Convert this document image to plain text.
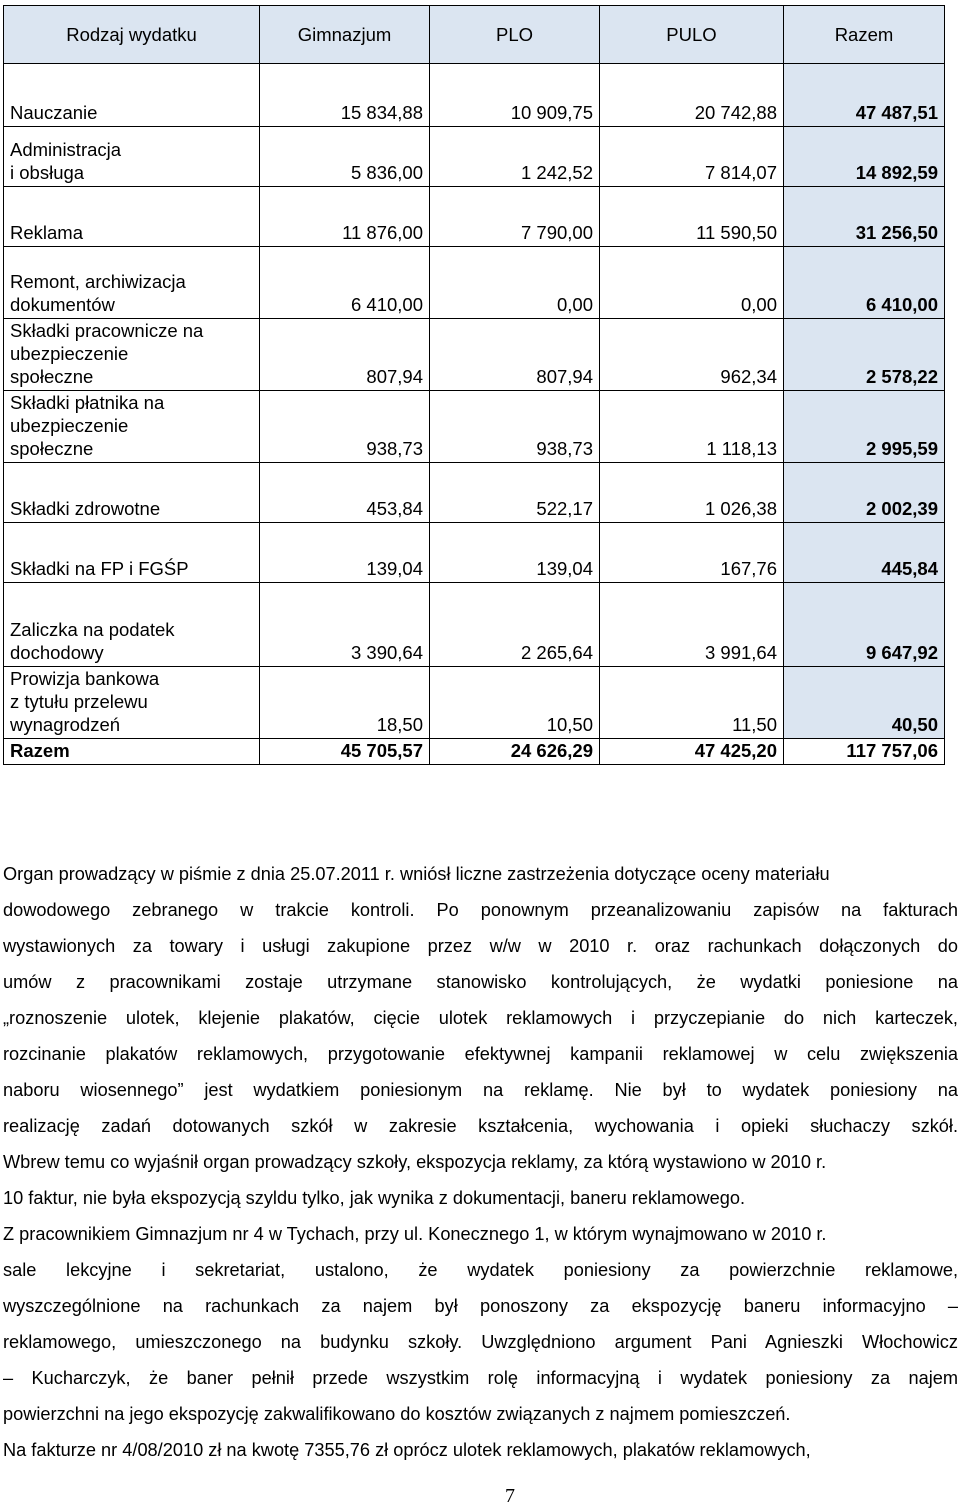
Rodzaj wydatku	Gimnazjum	PLO	PULO	Razem
Nauczanie	15 834,88	10 909,75	20 742,88	47 487,51
Administracja
i obsługa	5 836,00	1 242,52	7 814,07	14 892,59
Reklama	11 876,00	7 790,00	11 590,50	31 256,50
Remont, archiwizacja
dokumentów	6 410,00	0,00	0,00	6 410,00
Składki pracownicze na
ubezpieczenie
społeczne	807,94	807,94	962,34	2 578,22
Składki płatnika na
ubezpieczenie
społeczne	938,73	938,73	1 118,13	2 995,59
Składki zdrowotne	453,84	522,17	1 026,38	2 002,39
Składki na FP i FGŚP	139,04	139,04	167,76	445,84
Zaliczka na podatek
dochodowy	3 390,64	2 265,64	3 991,64	9 647,92
Prowizja bankowa
z tytułu przelewu
wynagrodzeń	18,50	10,50	11,50	40,50
Razem	45 705,57	24 626,29	47 425,20	117 757,06
Organ prowadzący w piśmie z dnia 25.07.2011 r. wniósł liczne zastrzeżenia dotyczące oceny materiału
dowodowego zebranego w trakcie kontroli. Po ponownym przeanalizowaniu zapisów na fakturach
wystawionych za towary i usługi zakupione przez w/w w 2010 r. oraz rachunkach dołączonych do
umów z pracownikami zostaje utrzymane stanowisko kontrolujących, że wydatki poniesione na
„roznoszenie ulotek, klejenie plakatów, cięcie ulotek reklamowych i przyczepianie do nich karteczek,
rozcinanie plakatów reklamowych, przygotowanie efektywnej kampanii reklamowej w celu zwiększenia
naboru wiosennego” jest wydatkiem poniesionym na reklamę. Nie był to wydatek poniesiony na
realizację zadań dotowanych szkół w zakresie kształcenia, wychowania i opieki słuchaczy szkół.
Wbrew temu co wyjaśnił organ prowadzący szkoły, ekspozycja reklamy, za którą wystawiono w 2010 r.
10 faktur, nie była ekspozycją szyldu tylko, jak wynika z dokumentacji, baneru reklamowego.
Z pracownikiem Gimnazjum nr 4 w Tychach, przy ul. Konecznego 1, w którym wynajmowano w 2010 r.
sale lekcyjne i sekretariat, ustalono, że wydatek poniesiony za powierzchnie reklamowe,
wyszczególnione na rachunkach za najem był ponoszony za ekspozycję baneru informacyjno –
reklamowego, umieszczonego na budynku szkoły. Uwzględniono argument Pani Agnieszki Włochowicz
– Kucharczyk, że baner pełnił przede wszystkim rolę informacyjną i wydatek poniesiony za najem
powierzchni na jego ekspozycję zakwalifikowano do kosztów związanych z najmem pomieszczeń.
Na fakturze nr 4/08/2010 zł na kwotę 7355,76 zł oprócz ulotek reklamowych, plakatów reklamowych,
7
